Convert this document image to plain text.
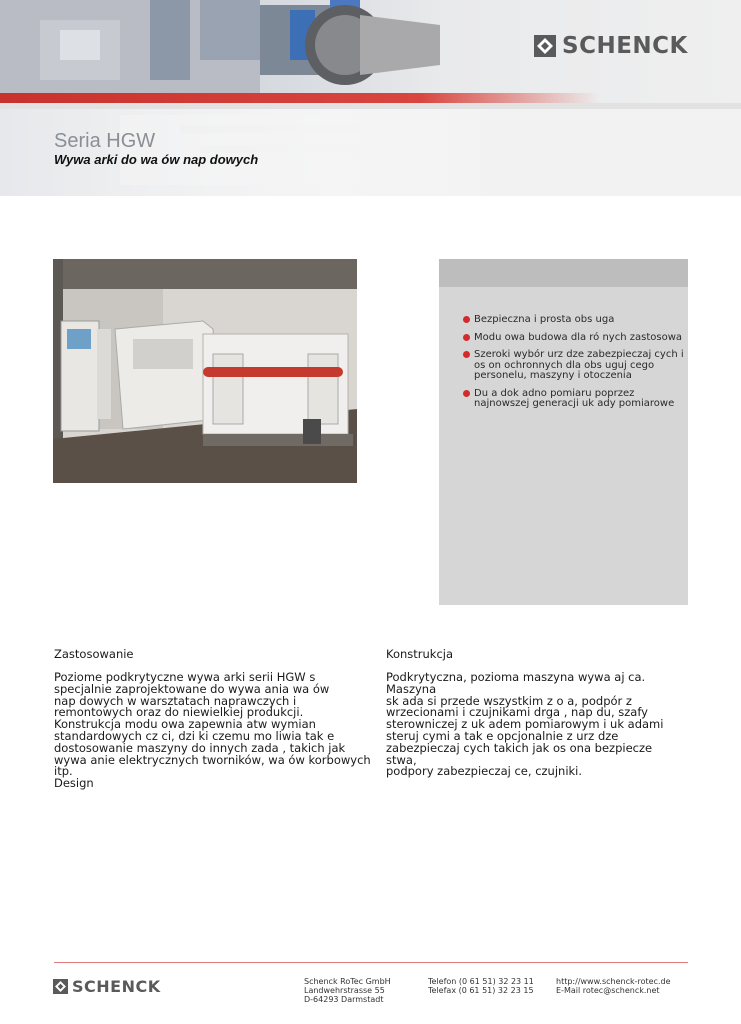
SCHENCK
Seria HGW
Wywa arki do wa ów nap dowych
Bezpieczna i prosta obs uga
Modu owa budowa dla ró nych zastosowa
Szeroki wybór urz dze zabezpieczaj cych i os on ochronnych dla obs uguj cego personelu, maszyny i otoczenia
Du a dok adno pomiaru poprzez najnowszej generacji uk ady pomiarowe
Zastosowanie
Poziome podkrytyczne wywa arki serii HGW s
specjalnie zaprojektowane do wywa ania wa ów
nap dowych w warsztatach naprawczych i
remontowych oraz do niewielkiej produkcji.
Konstrukcja modu owa zapewnia atw wymian
standardowych cz ci, dzi ki czemu mo liwia tak e
dostosowanie maszyny do innych zada , takich jak
wywa anie elektrycznych tworników, wa ów korbowych
itp.
Design
Konstrukcja
Podkrytyczna, pozioma maszyna wywa aj ca. Maszyna
sk ada si przede wszystkim z o a, podpór z
wrzecionami i czujnikami drga , nap du, szafy
sterowniczej z uk adem pomiarowym i uk adami
steruj cymi a tak e opcjonalnie z urz dze
zabezpieczaj cych takich jak os ona bezpiecze stwa,
podpory zabezpieczaj ce, czujniki.
SCHENCK	Schenck RoTec GmbH
Landwehrstrasse 55
D-64293 Darmstadt
Telefon (0 61 51) 32 23 11
Telefax (0 61 51) 32 23 15
http://www.schenck-rotec.de
E-Mail rotec@schenck.net
